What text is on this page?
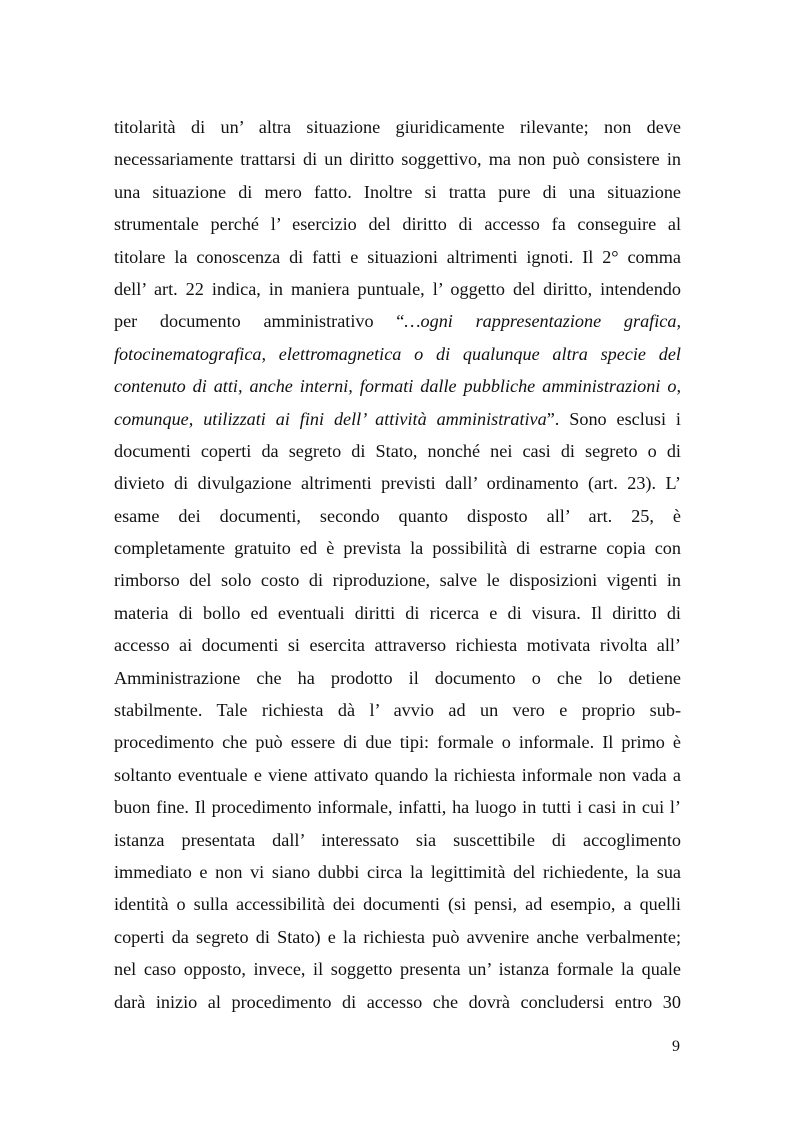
titolarità di un’ altra situazione giuridicamente rilevante; non deve
necessariamente trattarsi di un diritto soggettivo, ma non può consistere in
una situazione di mero fatto. Inoltre si tratta pure di una situazione
strumentale perché l’ esercizio del diritto di accesso fa conseguire al
titolare la conoscenza di fatti e situazioni altrimenti ignoti. Il 2° comma
dell’ art. 22 indica, in maniera puntuale, l’ oggetto del diritto, intendendo
per documento amministrativo “…ogni rappresentazione grafica,
fotocinematografica, elettromagnetica o di qualunque altra specie del
contenuto di atti, anche interni, formati dalle pubbliche amministrazioni o,
comunque, utilizzati ai fini dell’ attività amministrativa”. Sono esclusi i
documenti coperti da segreto di Stato, nonché nei casi di segreto o di
divieto di divulgazione altrimenti previsti dall’ ordinamento (art. 23). L’
esame dei documenti, secondo quanto disposto all’ art. 25, è
completamente gratuito ed è prevista la possibilità di estrarne copia con
rimborso del solo costo di riproduzione, salve le disposizioni vigenti in
materia di bollo ed eventuali diritti di ricerca e di visura. Il diritto di
accesso ai documenti si esercita attraverso richiesta motivata rivolta all’
Amministrazione che ha prodotto il documento o che lo detiene
stabilmente. Tale richiesta dà l’ avvio ad un vero e proprio sub-
procedimento che può essere di due tipi: formale o informale. Il primo è
soltanto eventuale e viene attivato quando la richiesta informale non vada a
buon fine. Il procedimento informale, infatti, ha luogo in tutti i casi in cui l’
istanza presentata dall’ interessato sia suscettibile di accoglimento
immediato e non vi siano dubbi circa la legittimità del richiedente, la sua
identità o sulla accessibilità dei documenti (si pensi, ad esempio, a quelli
coperti da segreto di Stato) e la richiesta può avvenire anche verbalmente;
nel caso opposto, invece, il soggetto presenta un’ istanza formale la quale
darà inizio al procedimento di accesso che dovrà concludersi entro 30
9
